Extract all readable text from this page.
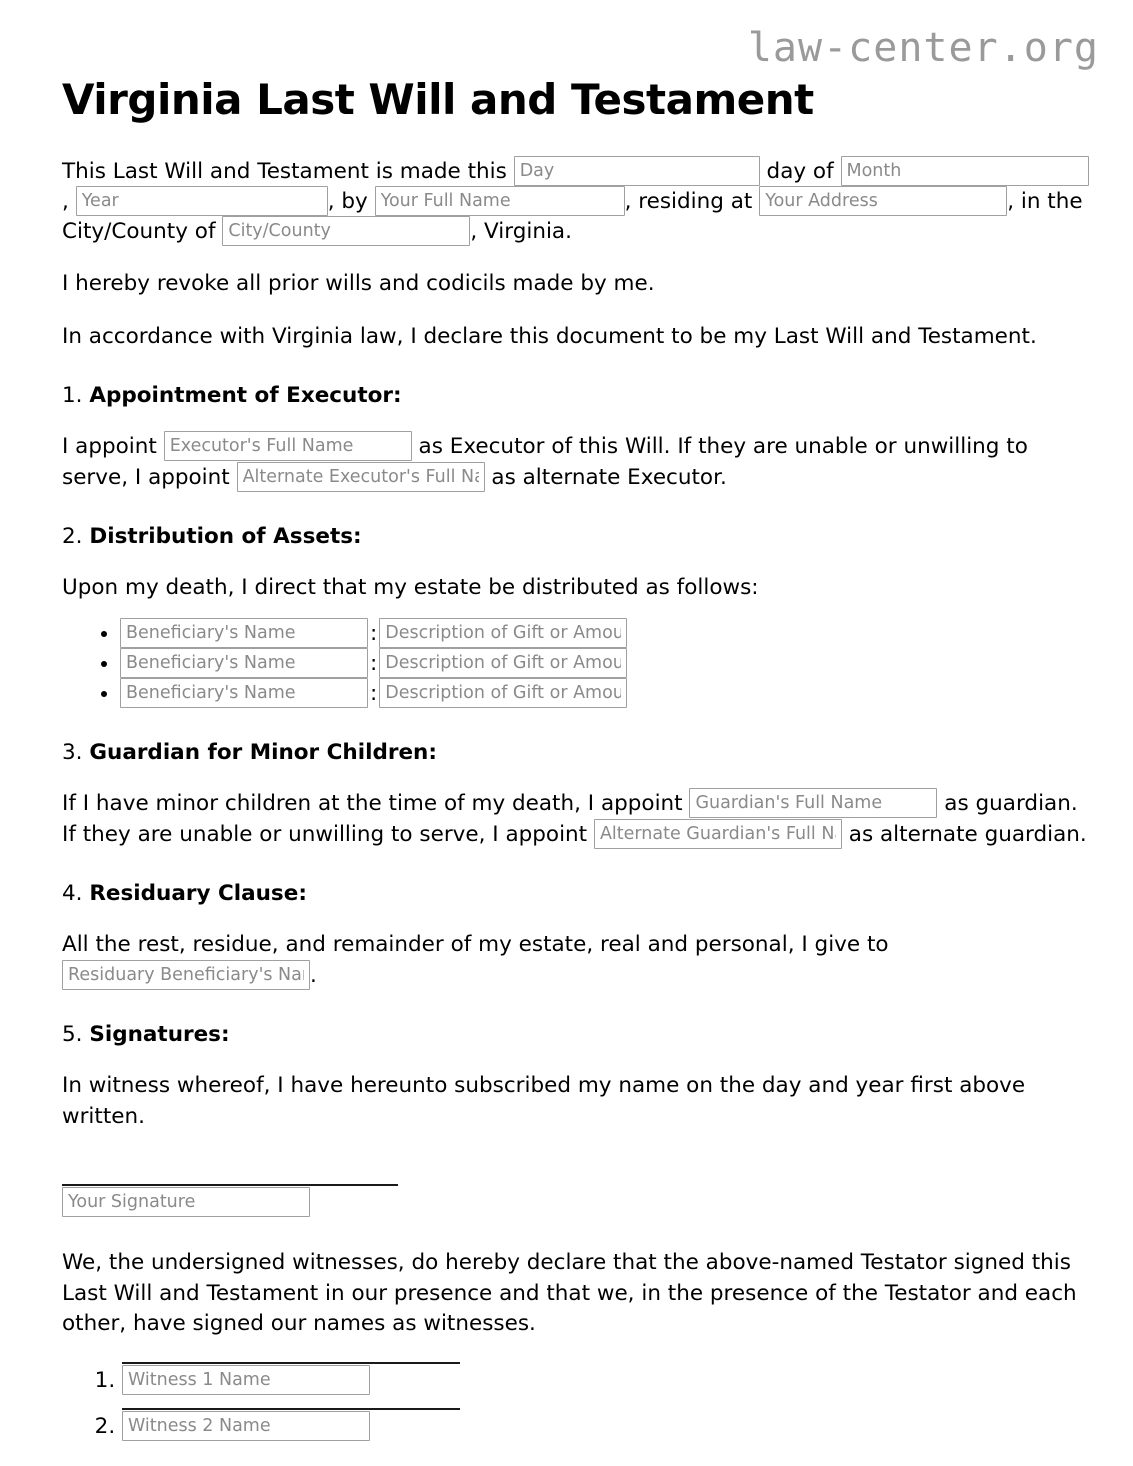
law-center.org
Virginia Last Will and Testament

This Last Will and Testament is made this Day	day of Month, Year	, by Your Full Name	, residing at Your Address	, in the City/County of City/County	, Virginia.

I hereby revoke all prior wills and codicils made by me.

In accordance with Virginia law, I declare this document to be my Last Will and Testament.

1. Appointment of Executor:

I appoint Executor's Full Name	as Executor of this Will. If they are unable or unwilling to serve, I appoint Alternate Executor's Full Name	as alternate Executor.

2. Distribution of Assets:

Upon my death, I direct that my estate be distributed as follows:

• Beneficiary's Name:Description of Gift or Amount
• Beneficiary's Name:Description of Gift or Amount
• Beneficiary's Name:Description of Gift or Amount
3. Guardian for Minor Children:

If I have minor children at the time of my death, I appoint Guardian's Full Name	as guardian. If they are unable or unwilling to serve, I appoint Alternate Guardian's Full Name	as alternate guardian.

4. Residuary Clause:

All the rest, residue, and remainder of my estate, real and personal, I give to Residuary Beneficiary's Name.

5. Signatures:

In witness whereof, I have hereunto subscribed my name on the day and year first above written.

Your Signature

We, the undersigned witnesses, do hereby declare that the above-named Testator signed this Last Will and Testament in our presence and that we, in the presence of the Testator and each other, have signed our names as witnesses.

1.
Witness 1 Name
2.
Witness 2 Name
